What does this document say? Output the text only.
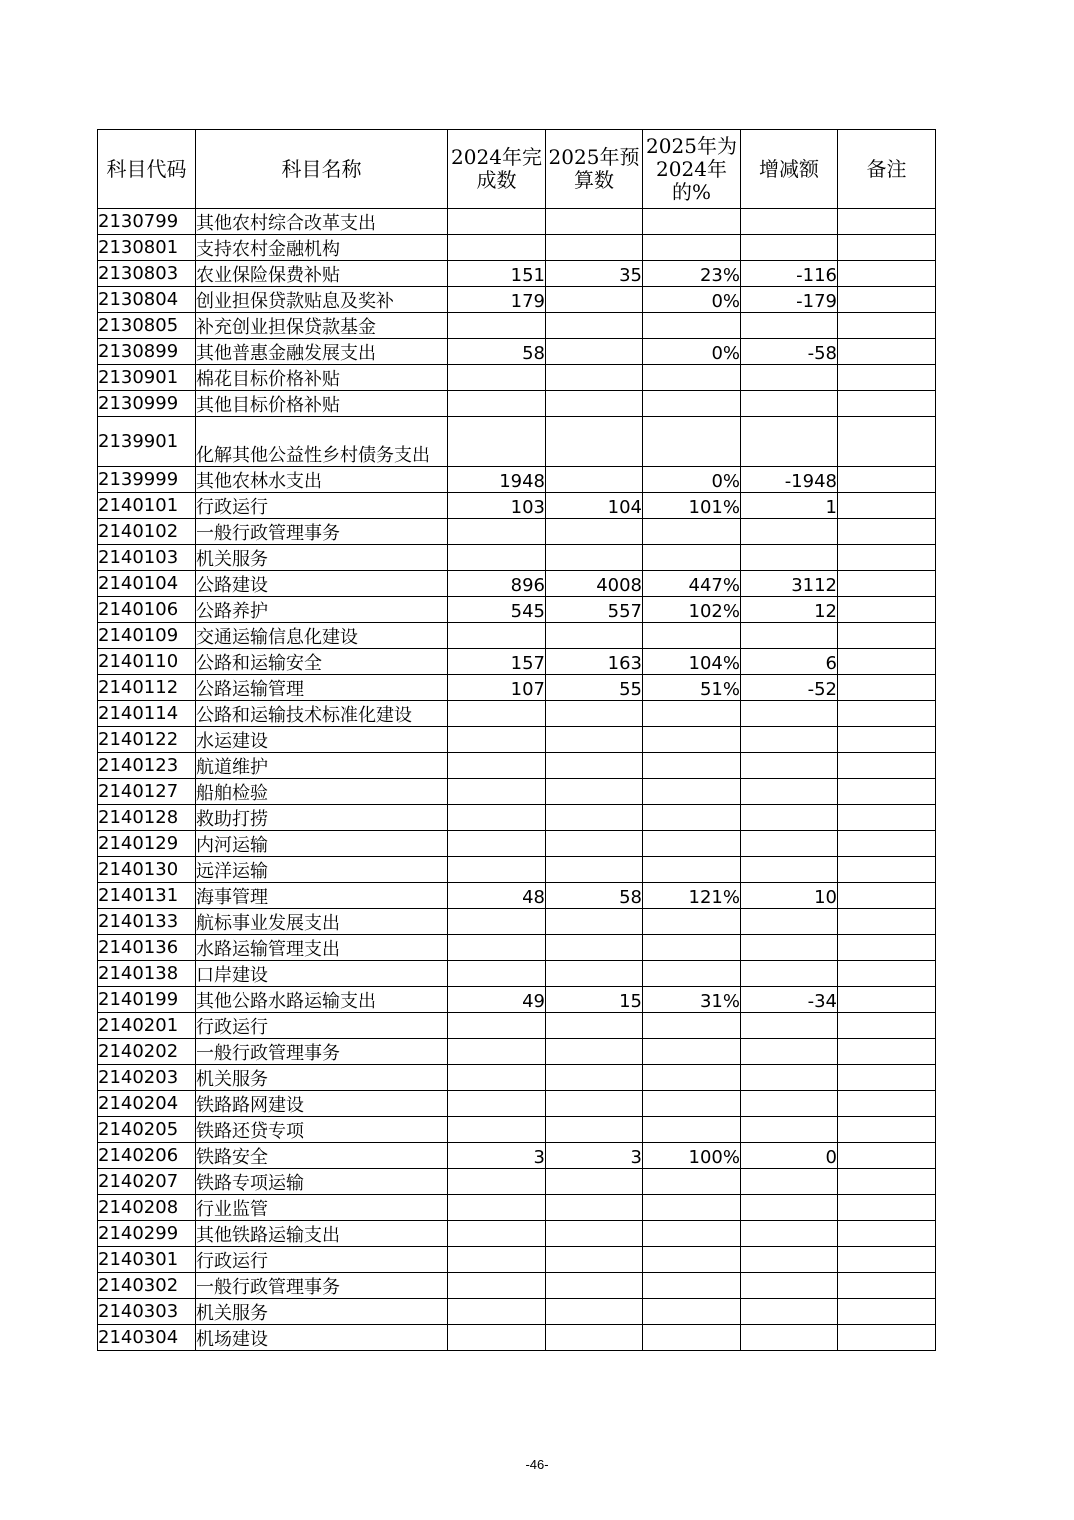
科目代码	科目名称	2024年完成数	2025年预算数	2025年为2024年的%	增减额	备注
2130799	其他农村综合改革支出					
2130801	支持农村金融机构					
2130803	农业保险保费补贴	151	35	23%	-116	
2130804	创业担保贷款贴息及奖补	179		0%	-179	
2130805	补充创业担保贷款基金					
2130899	其他普惠金融发展支出	58		0%	-58	
2130901	棉花目标价格补贴					
2130999	其他目标价格补贴					
2139901	化解其他公益性乡村债务支出					
2139999	其他农林水支出	1948		0%	-1948	
2140101	行政运行	103	104	101%	1	
2140102	一般行政管理事务					
2140103	机关服务					
2140104	公路建设	896	4008	447%	3112	
2140106	公路养护	545	557	102%	12	
2140109	交通运输信息化建设					
2140110	公路和运输安全	157	163	104%	6	
2140112	公路运输管理	107	55	51%	-52	
2140114	公路和运输技术标准化建设					
2140122	水运建设					
2140123	航道维护					
2140127	船舶检验					
2140128	救助打捞					
2140129	内河运输					
2140130	远洋运输					
2140131	海事管理	48	58	121%	10	
2140133	航标事业发展支出					
2140136	水路运输管理支出					
2140138	口岸建设					
2140199	其他公路水路运输支出	49	15	31%	-34	
2140201	行政运行					
2140202	一般行政管理事务					
2140203	机关服务					
2140204	铁路路网建设					
2140205	铁路还贷专项					
2140206	铁路安全	3	3	100%	0	
2140207	铁路专项运输					
2140208	行业监管					
2140299	其他铁路运输支出					
2140301	行政运行					
2140302	一般行政管理事务					
2140303	机关服务					
2140304	机场建设					
-46-
